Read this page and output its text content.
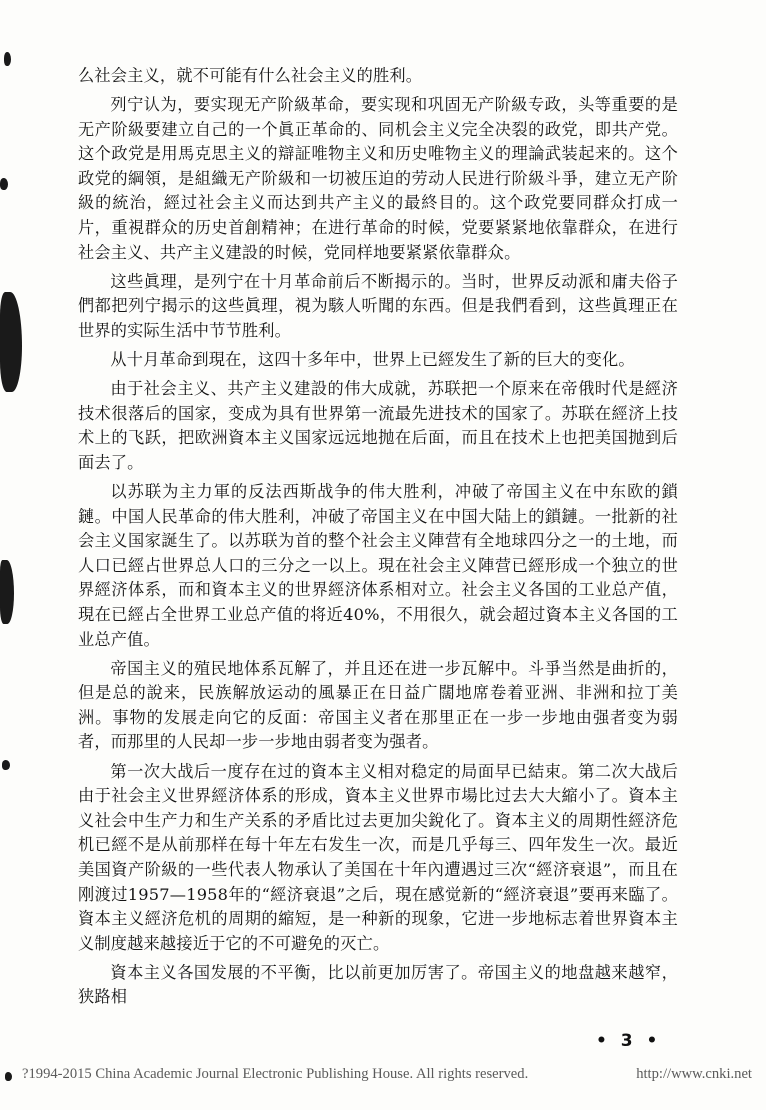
么社会主义，就不可能有什么社会主义的胜利。

列宁认为，要实现无产阶級革命，要实现和巩固无产阶級专政，头等重要的是无产阶級要建立自己的一个眞正革命的、同机会主义完全决裂的政党，即共产党。这个政党是用馬克思主义的辯証唯物主义和历史唯物主义的理論武装起来的。这个政党的綱領，是組織无产阶級和一切被压迫的劳动人民进行阶級斗爭，建立无产阶級的統治，經过社会主义而达到共产主义的最終目的。这个政党要同群众打成一片，重視群众的历史首創精神；在进行革命的时候，党要紧紧地依靠群众，在进行社会主义、共产主义建設的时候，党同样地要紧紧依靠群众。

这些眞理，是列宁在十月革命前后不断揭示的。当时，世界反动派和庸夫俗子們都把列宁揭示的这些眞理，視为駭人听聞的东西。但是我們看到，这些眞理正在世界的实际生活中节节胜利。

从十月革命到現在，这四十多年中，世界上已經发生了新的巨大的变化。

由于社会主义、共产主义建設的伟大成就，苏联把一个原来在帝俄时代是經济技术很落后的国家，变成为具有世界第一流最先进技术的国家了。苏联在經济上技术上的飞跃，把欧洲資本主义国家远远地抛在后面，而且在技术上也把美国抛到后面去了。

以苏联为主力軍的反法西斯战争的伟大胜利，冲破了帝国主义在中东欧的鎖鏈。中国人民革命的伟大胜利，冲破了帝国主义在中国大陆上的鎖鏈。一批新的社会主义国家誕生了。以苏联为首的整个社会主义陣营有全地球四分之一的土地，而人口已經占世界总人口的三分之一以上。現在社会主义陣营已經形成一个独立的世界經济体系，而和資本主义的世界經济体系相对立。社会主义各国的工业总产值，現在已經占全世界工业总产值的将近40%，不用很久，就会超过資本主义各国的工业总产值。

帝国主义的殖民地体系瓦解了，并且还在进一步瓦解中。斗爭当然是曲折的，但是总的說来，民族解放运动的風暴正在日益广闊地席卷着亚洲、非洲和拉丁美洲。事物的发展走向它的反面：帝国主义者在那里正在一步一步地由强者变为弱者，而那里的人民却一步一步地由弱者变为强者。

第一次大战后一度存在过的資本主义相对稳定的局面早已結束。第二次大战后由于社会主义世界經济体系的形成，資本主义世界市場比过去大大縮小了。資本主义社会中生产力和生产关系的矛盾比过去更加尖銳化了。資本主义的周期性經济危机已經不是从前那样在每十年左右发生一次，而是几乎每三、四年发生一次。最近美国資产阶級的一些代表人物承认了美国在十年內遭遇过三次“經济衰退”，而且在刚渡过1957—1958年的“經济衰退”之后，現在感觉新的“經济衰退”要再来臨了。資本主义經济危机的周期的縮短，是一种新的现象，它进一步地标志着世界資本主义制度越来越接近于它的不可避免的灭亡。

資本主义各国发展的不平衡，比以前更加厉害了。帝国主义的地盘越来越窄，狭路相

• 3 •
?1994-2015 China Academic Journal Electronic Publishing House. All rights reserved.	http://www.cnki.net
